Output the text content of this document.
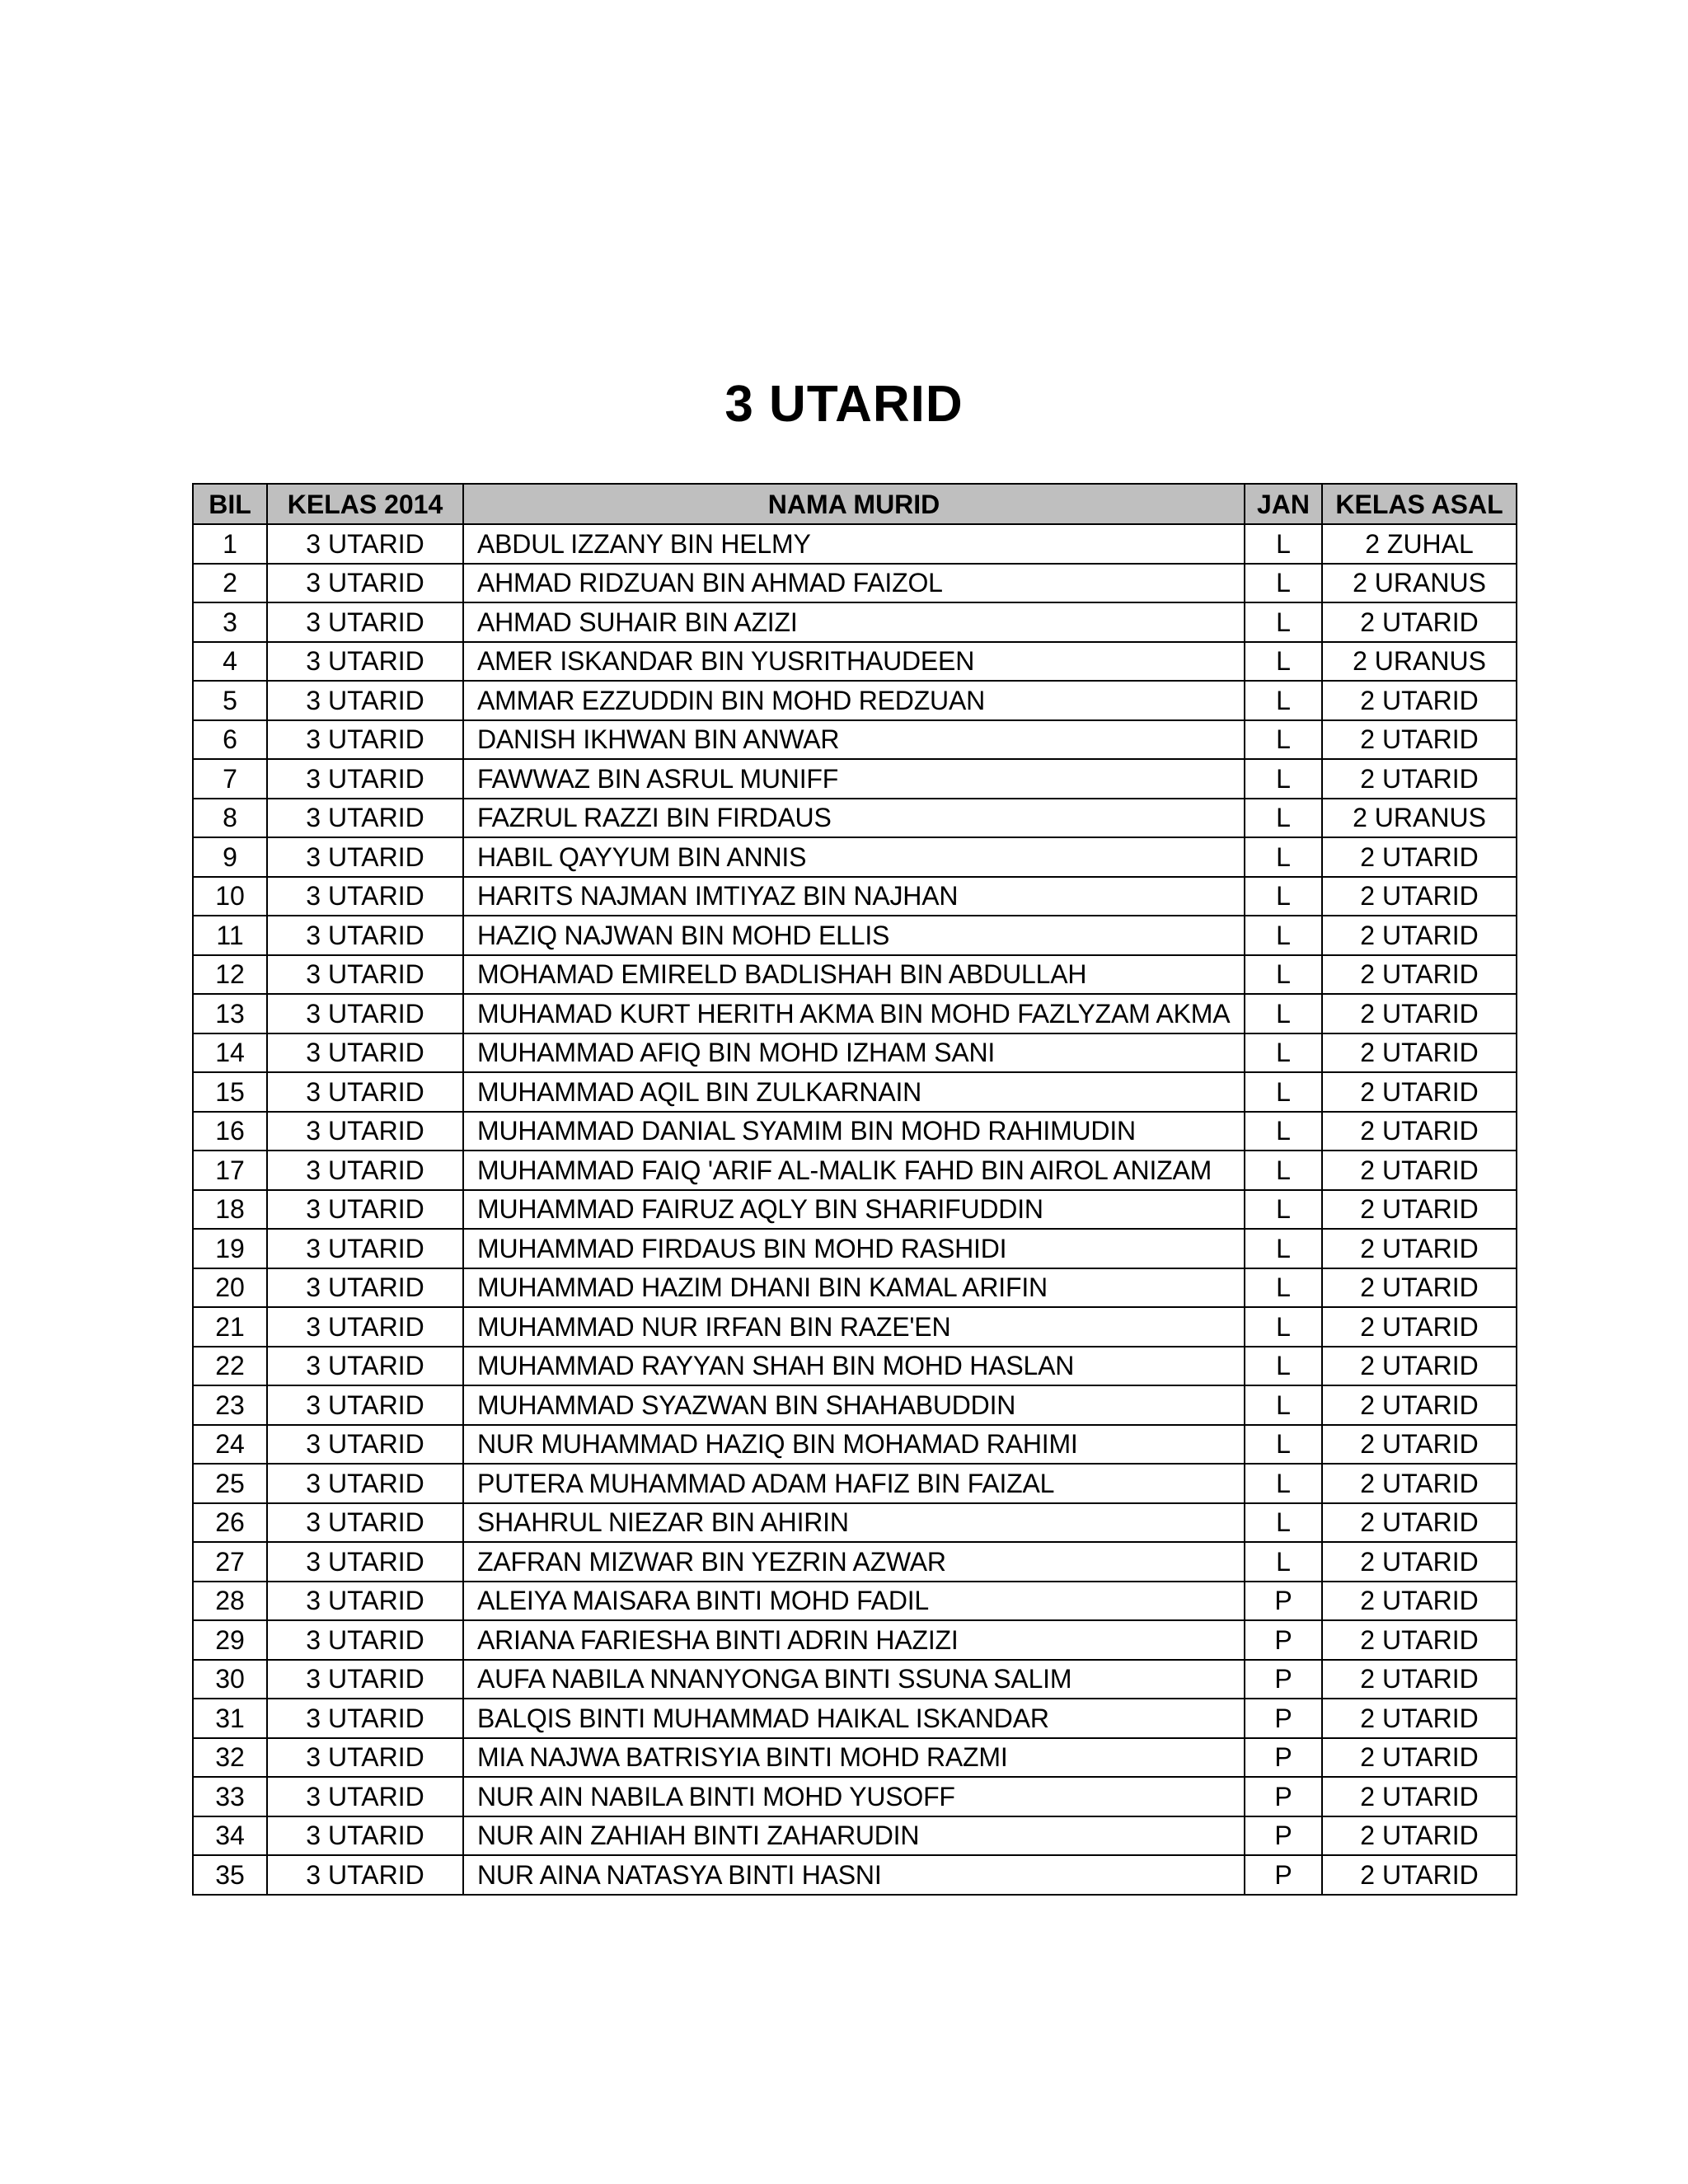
3 UTARID
BIL	KELAS 2014	NAMA MURID	JAN	KELAS ASAL
1	3 UTARID	ABDUL IZZANY BIN HELMY	L	2 ZUHAL
2	3 UTARID	AHMAD RIDZUAN BIN AHMAD FAIZOL	L	2 URANUS
3	3 UTARID	AHMAD SUHAIR BIN AZIZI	L	2 UTARID
4	3 UTARID	AMER ISKANDAR BIN YUSRITHAUDEEN	L	2 URANUS
5	3 UTARID	AMMAR EZZUDDIN BIN MOHD REDZUAN	L	2 UTARID
6	3 UTARID	DANISH IKHWAN BIN ANWAR	L	2 UTARID
7	3 UTARID	FAWWAZ BIN ASRUL MUNIFF	L	2 UTARID
8	3 UTARID	FAZRUL RAZZI BIN FIRDAUS	L	2 URANUS
9	3 UTARID	HABIL QAYYUM BIN ANNIS	L	2 UTARID
10	3 UTARID	HARITS NAJMAN IMTIYAZ BIN NAJHAN	L	2 UTARID
11	3 UTARID	HAZIQ NAJWAN BIN MOHD ELLIS	L	2 UTARID
12	3 UTARID	MOHAMAD EMIRELD BADLISHAH BIN ABDULLAH	L	2 UTARID
13	3 UTARID	MUHAMAD KURT HERITH AKMA BIN MOHD FAZLYZAM AKMA	L	2 UTARID
14	3 UTARID	MUHAMMAD AFIQ BIN MOHD IZHAM SANI	L	2 UTARID
15	3 UTARID	MUHAMMAD AQIL BIN ZULKARNAIN	L	2 UTARID
16	3 UTARID	MUHAMMAD DANIAL SYAMIM BIN MOHD RAHIMUDIN	L	2 UTARID
17	3 UTARID	MUHAMMAD FAIQ 'ARIF AL-MALIK FAHD BIN AIROL ANIZAM	L	2 UTARID
18	3 UTARID	MUHAMMAD FAIRUZ AQLY BIN SHARIFUDDIN	L	2 UTARID
19	3 UTARID	MUHAMMAD FIRDAUS BIN MOHD RASHIDI	L	2 UTARID
20	3 UTARID	MUHAMMAD HAZIM DHANI BIN KAMAL ARIFIN	L	2 UTARID
21	3 UTARID	MUHAMMAD NUR IRFAN BIN RAZE'EN	L	2 UTARID
22	3 UTARID	MUHAMMAD RAYYAN SHAH BIN MOHD HASLAN	L	2 UTARID
23	3 UTARID	MUHAMMAD SYAZWAN BIN SHAHABUDDIN	L	2 UTARID
24	3 UTARID	NUR MUHAMMAD HAZIQ BIN MOHAMAD RAHIMI	L	2 UTARID
25	3 UTARID	PUTERA MUHAMMAD ADAM HAFIZ BIN FAIZAL	L	2 UTARID
26	3 UTARID	SHAHRUL NIEZAR BIN AHIRIN	L	2 UTARID
27	3 UTARID	ZAFRAN MIZWAR BIN YEZRIN AZWAR	L	2 UTARID
28	3 UTARID	ALEIYA MAISARA BINTI MOHD FADIL	P	2 UTARID
29	3 UTARID	ARIANA FARIESHA BINTI ADRIN HAZIZI	P	2 UTARID
30	3 UTARID	AUFA NABILA NNANYONGA BINTI SSUNA SALIM	P	2 UTARID
31	3 UTARID	BALQIS BINTI MUHAMMAD HAIKAL ISKANDAR	P	2 UTARID
32	3 UTARID	MIA NAJWA BATRISYIA BINTI MOHD RAZMI	P	2 UTARID
33	3 UTARID	NUR AIN NABILA BINTI MOHD YUSOFF	P	2 UTARID
34	3 UTARID	NUR AIN ZAHIAH BINTI ZAHARUDIN	P	2 UTARID
35	3 UTARID	NUR AINA NATASYA BINTI HASNI	P	2 UTARID
